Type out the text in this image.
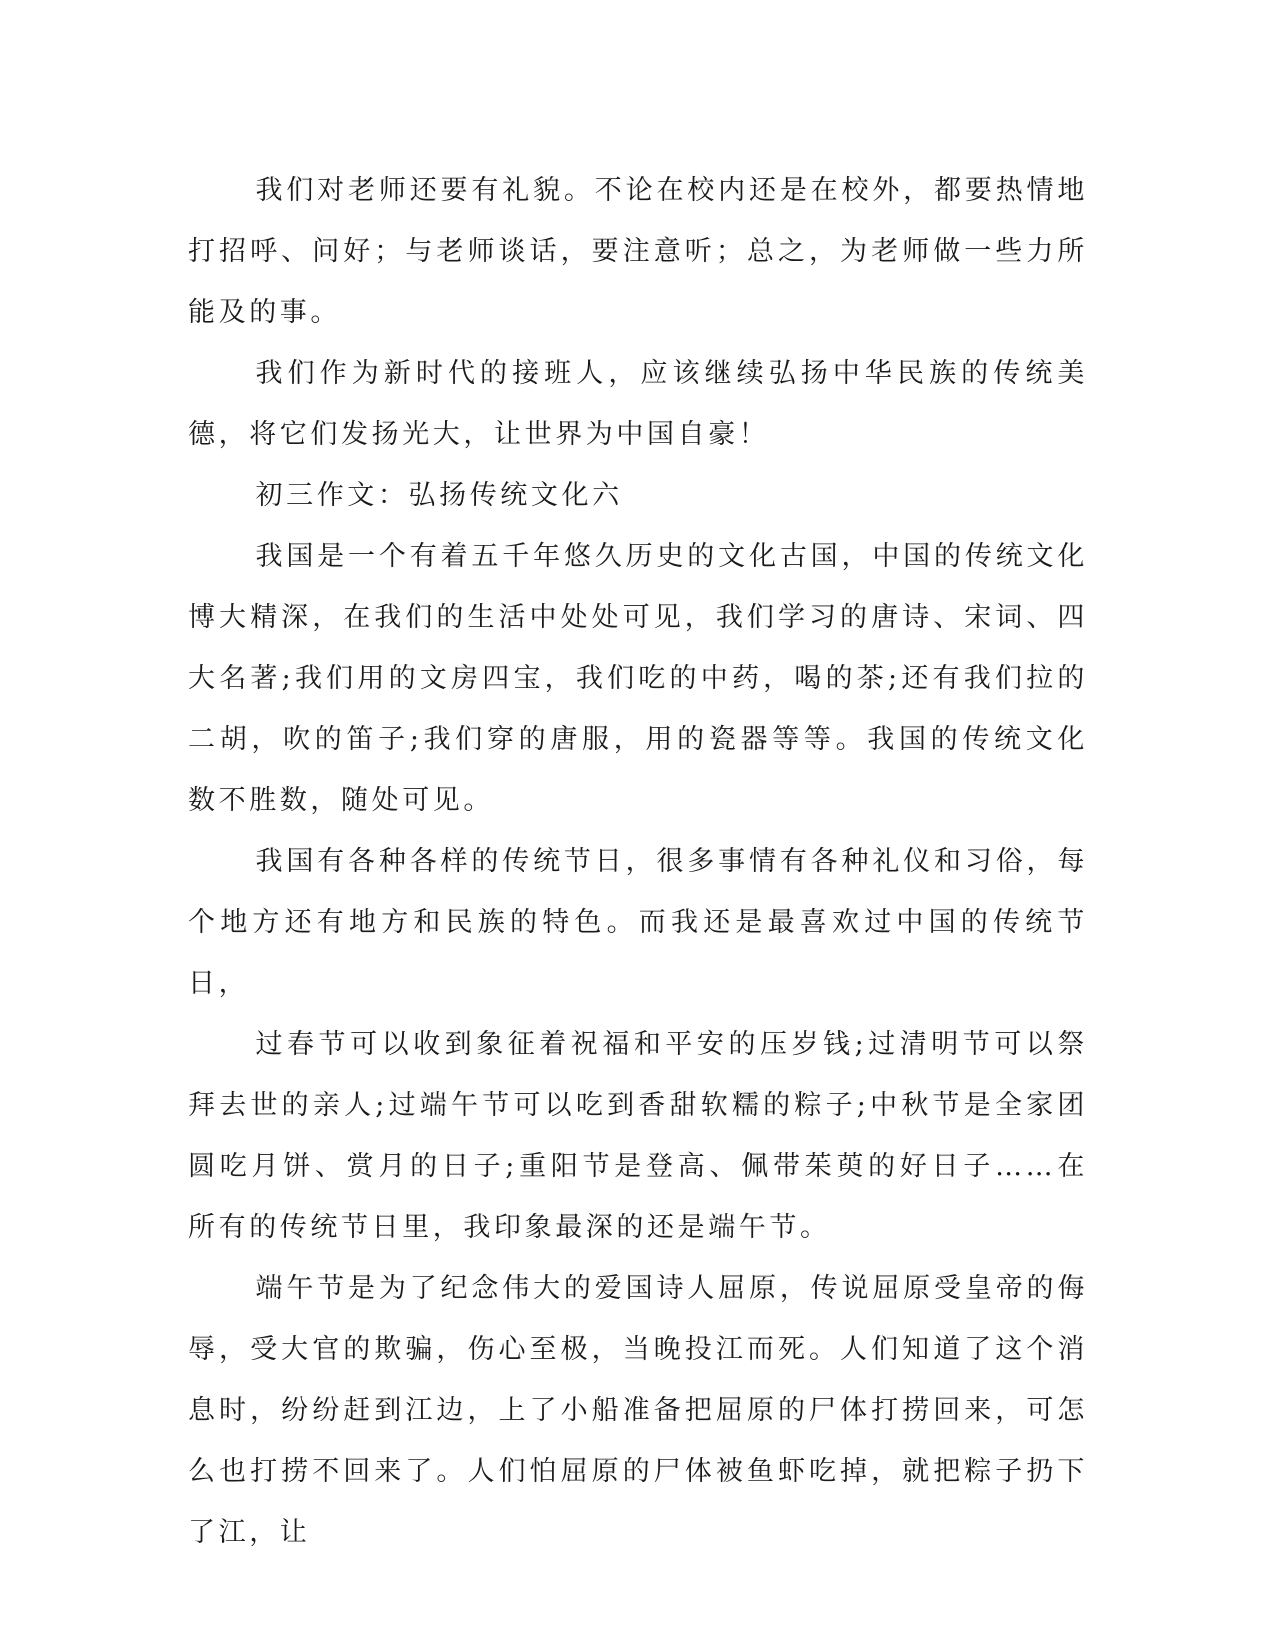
我们对老师还要有礼貌。不论在校内还是在校外，都要热情地打招呼、问好；与老师谈话，要注意听；总之，为老师做一些力所能及的事。

我们作为新时代的接班人，应该继续弘扬中华民族的传统美德，将它们发扬光大，让世界为中国自豪！

初三作文：弘扬传统文化六

我国是一个有着五千年悠久历史的文化古国，中国的传统文化博大精深，在我们的生活中处处可见，我们学习的唐诗、宋词、四大名著;我们用的文房四宝，我们吃的中药，喝的茶;还有我们拉的二胡，吹的笛子;我们穿的唐服，用的瓷器等等。我国的传统文化数不胜数，随处可见。

我国有各种各样的传统节日，很多事情有各种礼仪和习俗，每个地方还有地方和民族的特色。而我还是最喜欢过中国的传统节日，

过春节可以收到象征着祝福和平安的压岁钱;过清明节可以祭拜去世的亲人;过端午节可以吃到香甜软糯的粽子;中秋节是全家团圆吃月饼、赏月的日子;重阳节是登高、佩带茱萸的好日子……在所有的传统节日里，我印象最深的还是端午节。

端午节是为了纪念伟大的爱国诗人屈原，传说屈原受皇帝的侮辱，受大官的欺骗，伤心至极，当晚投江而死。人们知道了这个消息时，纷纷赶到江边，上了小船准备把屈原的尸体打捞回来，可怎么也打捞不回来了。人们怕屈原的尸体被鱼虾吃掉，就把粽子扔下了江，让
